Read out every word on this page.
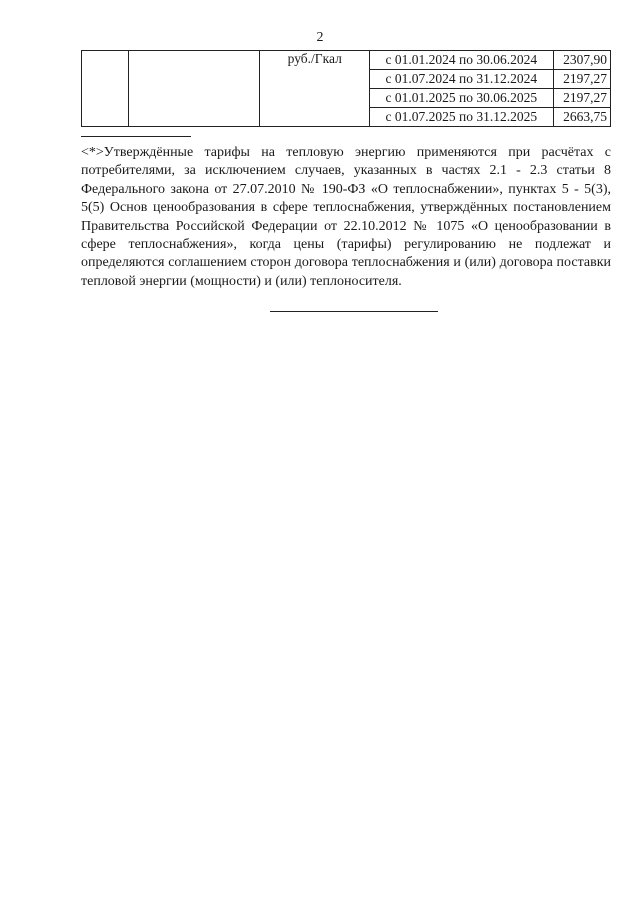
2
		руб./Гкал	с 01.01.2024 по 30.06.2024	2307,90
			с 01.07.2024 по 31.12.2024	2197,27
			с 01.01.2025 по 30.06.2025	2197,27
			с 01.07.2025 по 31.12.2025	2663,75

<*>Утверждённые тарифы на тепловую энергию применяются при расчётах с потребителями, за исключением случаев, указанных в частях 2.1 - 2.3 статьи 8 Федерального закона от 27.07.2010 № 190-ФЗ «О теплоснабжении», пунктах 5 - 5(3), 5(5) Основ ценообразования в сфере теплоснабжения, утверждённых постановлением Правительства Российской Федерации от 22.10.2012 № 1075 «О ценообразовании в сфере теплоснабжения», когда цены (тарифы) регулированию не подлежат и определяются соглашением сторон договора теплоснабжения и (или) договора поставки тепловой энергии (мощности) и (или) теплоносителя.
